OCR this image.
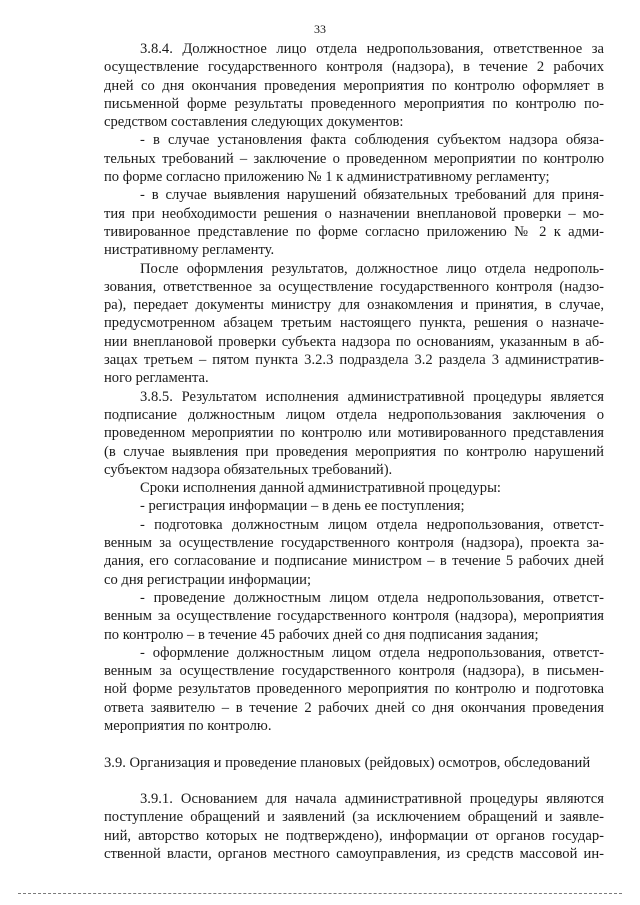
33
3.8.4. Должностное лицо отдела недропользования, ответственное за
осуществление государственного контроля (надзора), в течение 2 рабочих
дней со дня окончания проведения мероприятия по контролю оформляет в
письменной форме результаты проведенного мероприятия по контролю по-
средством составления следующих документов:
- в случае установления факта соблюдения субъектом надзора обяза-
тельных требований – заключение о проведенном мероприятии по контролю
по форме согласно приложению № 1 к административному регламенту;
- в случае выявления нарушений обязательных требований для приня-
тия при необходимости решения о назначении внеплановой проверки – мо-
тивированное представление по форме согласно приложению № 2 к адми-
нистративному регламенту.
После оформления результатов, должностное лицо отдела недрополь-
зования, ответственное за осуществление государственного контроля (надзо-
ра), передает документы министру для ознакомления и принятия, в случае,
предусмотренном абзацем третьим настоящего пункта, решения о назначе-
нии внеплановой проверки субъекта надзора по основаниям, указанным в аб-
зацах третьем – пятом пункта 3.2.3 подраздела 3.2 раздела 3 административ-
ного регламента.
3.8.5. Результатом исполнения административной процедуры является
подписание должностным лицом отдела недропользования заключения о
проведенном мероприятии по контролю или мотивированного представления
(в случае выявления при проведения мероприятия по контролю нарушений
субъектом надзора обязательных требований).
Сроки исполнения данной административной процедуры:
- регистрация информации – в день ее поступления;
- подготовка должностным лицом отдела недропользования, ответст-
венным за осуществление государственного контроля (надзора), проекта за-
дания, его согласование и подписание министром – в течение 5 рабочих дней
со дня регистрации информации;
- проведение должностным лицом отдела недропользования, ответст-
венным за осуществление государственного контроля (надзора), мероприятия
по контролю – в течение 45 рабочих дней со дня подписания задания;
- оформление должностным лицом отдела недропользования, ответст-
венным за осуществление государственного контроля (надзора), в письмен-
ной форме результатов проведенного мероприятия по контролю и подготовка
ответа заявителю – в течение 2 рабочих дней со дня окончания проведения
мероприятия по контролю.
3.9. Организация и проведение плановых (рейдовых) осмотров, обследований
3.9.1. Основанием для начала административной процедуры являются
поступление обращений и заявлений (за исключением обращений и заявле-
ний, авторство которых не подтверждено), информации от органов государ-
ственной власти, органов местного самоуправления, из средств массовой ин-
